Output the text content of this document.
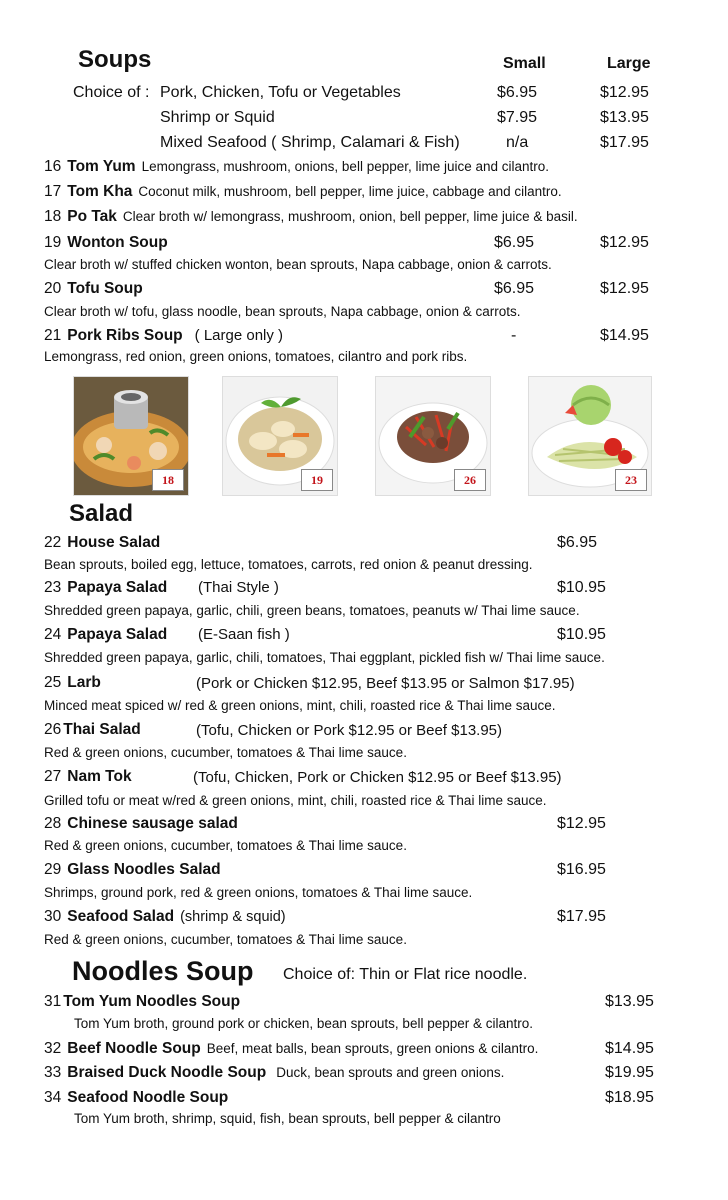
Soups	Small	Large
Choice of : Pork, Chicken, Tofu or Vegetables	$6.95	$12.95
Shrimp or Squid	$7.95	$13.95
Mixed Seafood ( Shrimp, Calamari & Fish)	n/a	$17.95
16 Tom Yum Lemongrass, mushroom, onions, bell pepper, lime juice and cilantro.
17 Tom Kha Coconut milk, mushroom, bell pepper, lime juice, cabbage and cilantro.
18 Po Tak Clear broth w/ lemongrass, mushroom, onion, bell pepper, lime juice & basil.
19 Wonton Soup	$6.95	$12.95
Clear broth w/ stuffed chicken wonton, bean sprouts, Napa cabbage, onion & carrots.
20 Tofu Soup	$6.95	$12.95
Clear broth w/ tofu, glass noodle, bean sprouts, Napa cabbage, onion & carrots.
21 Pork Ribs Soup ( Large only )	-	$14.95
Lemongrass, red onion, green onions, tomatoes, cilantro and pork ribs.
18	19	26	23
Salad
22 House Salad	$6.95
Bean sprouts, boiled egg, lettuce, tomatoes, carrots, red onion & peanut dressing.
23 Papaya Salad (Thai Style )	$10.95
Shredded green papaya, garlic, chili, green beans, tomatoes, peanuts w/ Thai lime sauce.
24 Papaya Salad (E-Saan fish )	$10.95
Shredded green papaya, garlic, chili, tomatoes, Thai eggplant, pickled fish w/ Thai lime sauce.
25 Larb	(Pork or Chicken $12.95, Beef $13.95 or Salmon $17.95)
Minced meat spiced w/ red & green onions, mint, chili, roasted rice & Thai lime sauce.
26 Thai Salad	(Tofu, Chicken or Pork $12.95 or Beef $13.95)
Red & green onions, cucumber, tomatoes & Thai lime sauce.
27 Nam Tok	(Tofu, Chicken, Pork or Chicken $12.95 or Beef $13.95)
Grilled tofu or meat w/red & green onions, mint, chili, roasted rice & Thai lime sauce.
28 Chinese sausage salad	$12.95
Red & green onions, cucumber, tomatoes & Thai lime sauce.
29 Glass Noodles Salad	$16.95
Shrimps, ground pork, red & green onions, tomatoes & Thai lime sauce.
30 Seafood Salad (shrimp & squid)	$17.95
Red & green onions, cucumber, tomatoes & Thai lime sauce.
Noodles Soup Choice of: Thin or Flat rice noodle.
31 Tom Yum Noodles Soup	$13.95
Tom Yum broth, ground pork or chicken, bean sprouts, bell pepper & cilantro.
32 Beef Noodle Soup Beef, meat balls, bean sprouts, green onions & cilantro.	$14.95
33 Braised Duck Noodle Soup Duck, bean sprouts and green onions.	$19.95
34 Seafood Noodle Soup	$18.95
Tom Yum broth, shrimp, squid, fish, bean sprouts, bell pepper & cilantro
